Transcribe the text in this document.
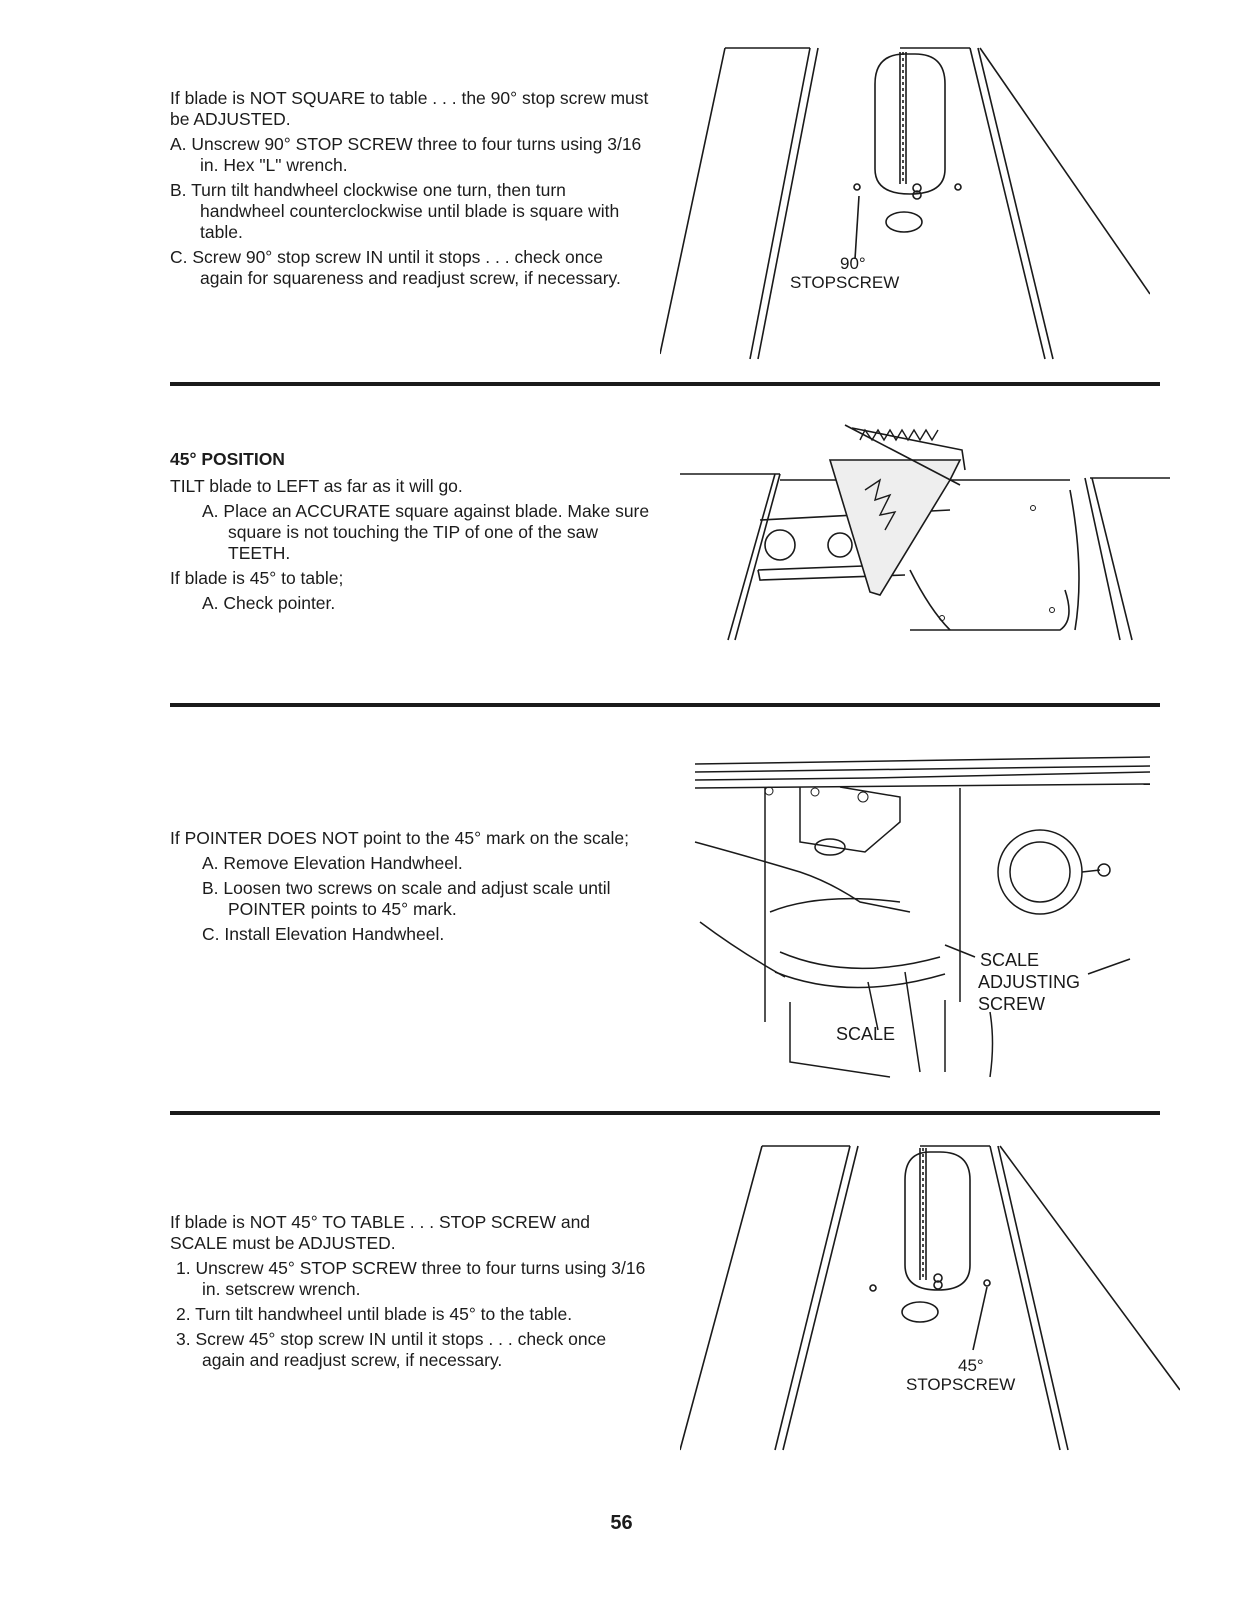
If blade is NOT SQUARE to table . . . the 90° stop screw must be ADJUSTED.

A. Unscrew 90° STOP SCREW three to four turns using 3/16 in. Hex "L" wrench.

B. Turn tilt handwheel clockwise one turn, then turn handwheel counterclockwise until blade is square with table.

C. Screw 90° stop screw IN until it stops . . . check once again for squareness and readjust screw, if necessary.

90°
STOPSCREW

45° POSITION

TILT blade to LEFT as far as it will go.

A. Place an ACCURATE square against blade. Make sure square is not touching the TIP of one of the saw TEETH.

If blade is 45° to table;

A. Check pointer.

If POINTER DOES NOT point to the 45° mark on the scale;

A. Remove Elevation Handwheel.

B. Loosen two screws on scale and adjust scale until POINTER points to 45° mark.

C. Install Elevation Handwheel.

SCALE
ADJUSTING
SCREW
SCALE

If blade is NOT 45° TO TABLE . . . STOP SCREW and SCALE must be ADJUSTED.

1. Unscrew 45° STOP SCREW three to four turns using 3/16 in. setscrew wrench.

2. Turn tilt handwheel until blade is 45° to the table.

3. Screw 45° stop screw IN until it stops . . . check once again and readjust screw, if necessary.	45°
STOPSCREW
56
